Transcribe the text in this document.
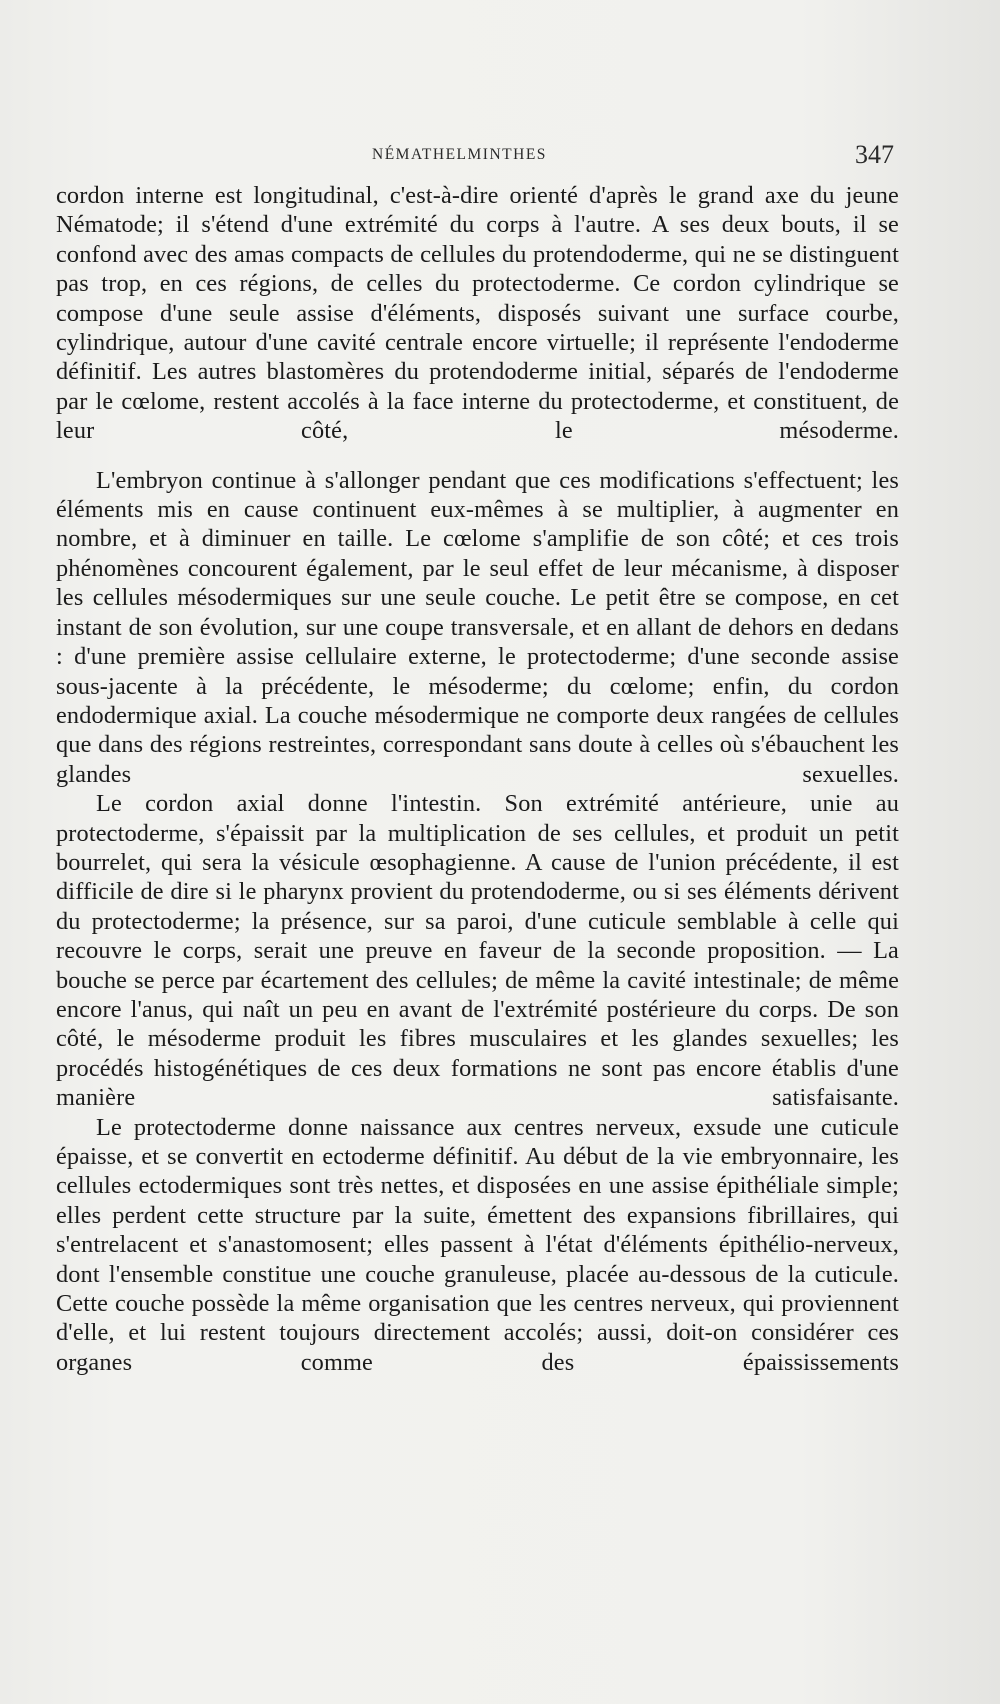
NÉMATHELMINTHES	347

cordon interne est longitudinal, c'est-à-dire orienté d'après le grand axe du jeune Nématode; il s'étend d'une extrémité du corps à l'autre. A ses deux bouts, il se confond avec des amas compacts de cellules du protendoderme, qui ne se distinguent pas trop, en ces régions, de celles du protectoderme. Ce cordon cylindrique se compose d'une seule assise d'éléments, disposés suivant une surface courbe, cylindrique, autour d'une cavité centrale encore virtuelle; il représente l'endoderme définitif. Les autres blastomères du protendoderme initial, séparés de l'endoderme par le cœlome, restent accolés à la face interne du protectoderme, et constituent, de leur côté, le mésoderme.

L'embryon continue à s'allonger pendant que ces modifications s'effectuent; les éléments mis en cause continuent eux-mêmes à se multiplier, à augmenter en nombre, et à diminuer en taille. Le cœlome s'amplifie de son côté; et ces trois phénomènes concourent également, par le seul effet de leur mécanisme, à disposer les cellules mésodermiques sur une seule couche. Le petit être se compose, en cet instant de son évolution, sur une coupe transversale, et en allant de dehors en dedans : d'une première assise cellulaire externe, le protectoderme; d'une seconde assise sous-jacente à la précédente, le mésoderme; du cœlome; enfin, du cordon endodermique axial. La couche mésodermique ne comporte deux rangées de cellules que dans des régions restreintes, correspondant sans doute à celles où s'ébauchent les glandes sexuelles.

Le cordon axial donne l'intestin. Son extrémité antérieure, unie au protectoderme, s'épaissit par la multiplication de ses cellules, et produit un petit bourrelet, qui sera la vésicule œsophagienne. A cause de l'union précédente, il est difficile de dire si le pharynx provient du protendoderme, ou si ses éléments dérivent du protectoderme; la présence, sur sa paroi, d'une cuticule semblable à celle qui recouvre le corps, serait une preuve en faveur de la seconde proposition. — La bouche se perce par écartement des cellules; de même la cavité intestinale; de même encore l'anus, qui naît un peu en avant de l'extrémité postérieure du corps. De son côté, le mésoderme produit les fibres musculaires et les glandes sexuelles; les procédés histogénétiques de ces deux formations ne sont pas encore établis d'une manière satisfaisante.

Le protectoderme donne naissance aux centres nerveux, exsude une cuticule épaisse, et se convertit en ectoderme définitif. Au début de la vie embryonnaire, les cellules ectodermiques sont très nettes, et disposées en une assise épithéliale simple; elles perdent cette structure par la suite, émettent des expansions fibrillaires, qui s'entrelacent et s'anastomosent; elles passent à l'état d'éléments épithélio-nerveux, dont l'ensemble constitue une couche granuleuse, placée au-dessous de la cuticule. Cette couche possède la même organisation que les centres nerveux, qui proviennent d'elle, et lui restent toujours directement accolés; aussi, doit-on considérer ces organes comme des épaississements
